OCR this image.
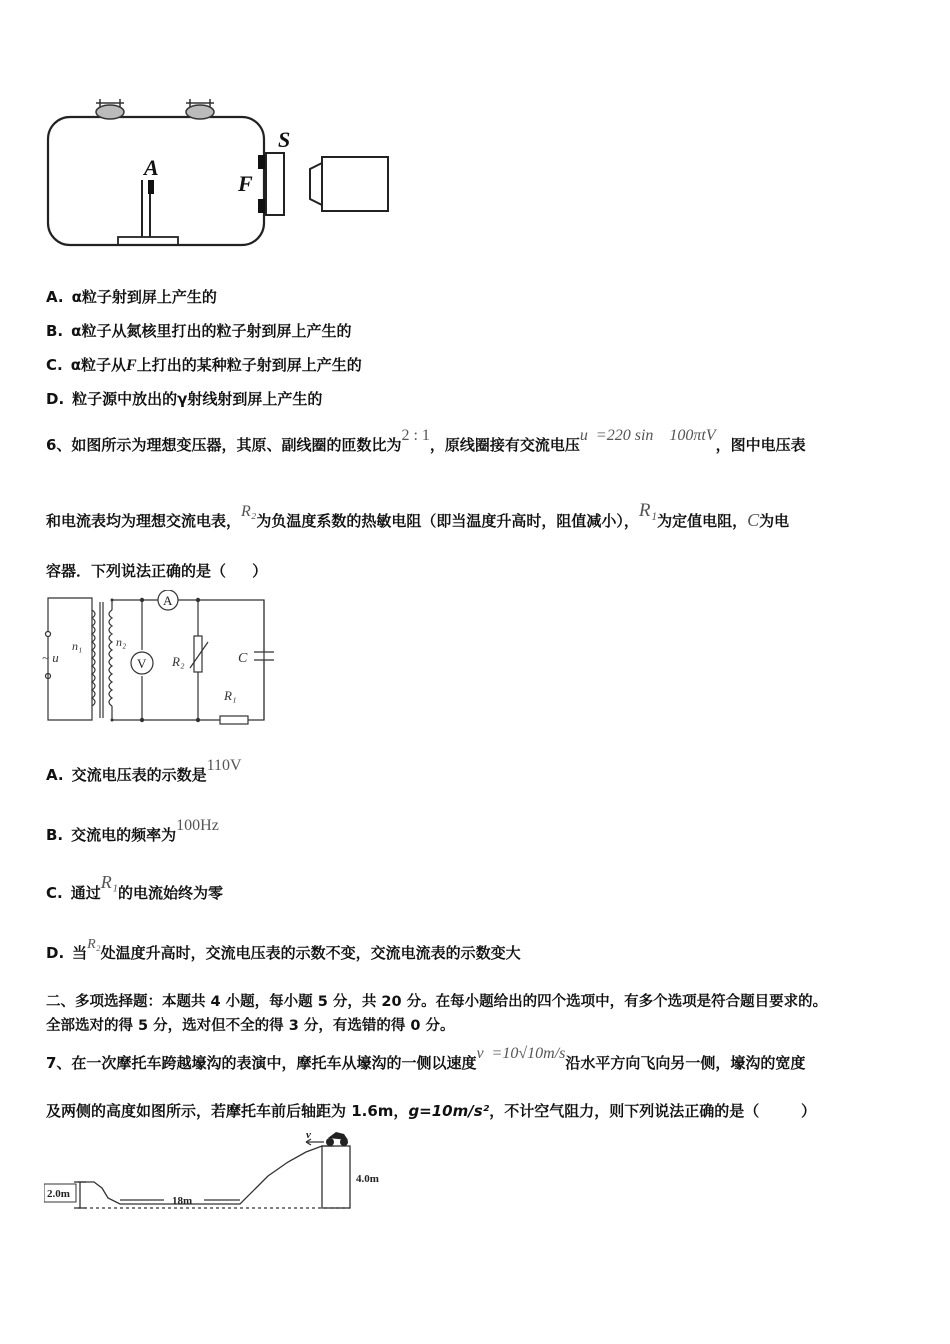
A
F
S
A. α粒子射到屏上产生的
B. α粒子从氮核里打出的粒子射到屏上产生的
C. α粒子从F上打出的某种粒子射到屏上产生的
D. 粒子源中放出的γ射线射到屏上产生的
6、如图所示为理想变压器，其原、副线圈的匝数比为2 : 1，原线圈接有交流电压u  =220 sin    100πtV，图中电压表
和电流表均为理想交流电表，R₂为负温度系数的热敏电阻（即当温度升高时，阻值减小），R₁为定值电阻，C为电
容器．下列说法正确的是（     ）
A
V
n₁	n₂
~ u	R₂
R₁
C
A. 交流电压表的示数是110V
B. 交流电的频率为100Hz
C. 通过R₁的电流始终为零
D. 当R₂处温度升高时，交流电压表的示数不变，交流电流表的示数变大
二、多项选择题：本题共 4 小题，每小题 5 分，共 20 分。在每小题给出的四个选项中，有多个选项是符合题目要求的。
全部选对的得 5 分，选对但不全的得 3 分，有选错的得 0 分。
7、在一次摩托车跨越壕沟的表演中，摩托车从壕沟的一侧以速度v  =10√10m/s沿水平方向飞向另一侧，壕沟的宽度
及两侧的高度如图所示，若摩托车前后轴距为 1.6m，g=10m/s²，不计空气阻力，则下列说法正确的是（        ）
2.0m
18m
4.0m
v
